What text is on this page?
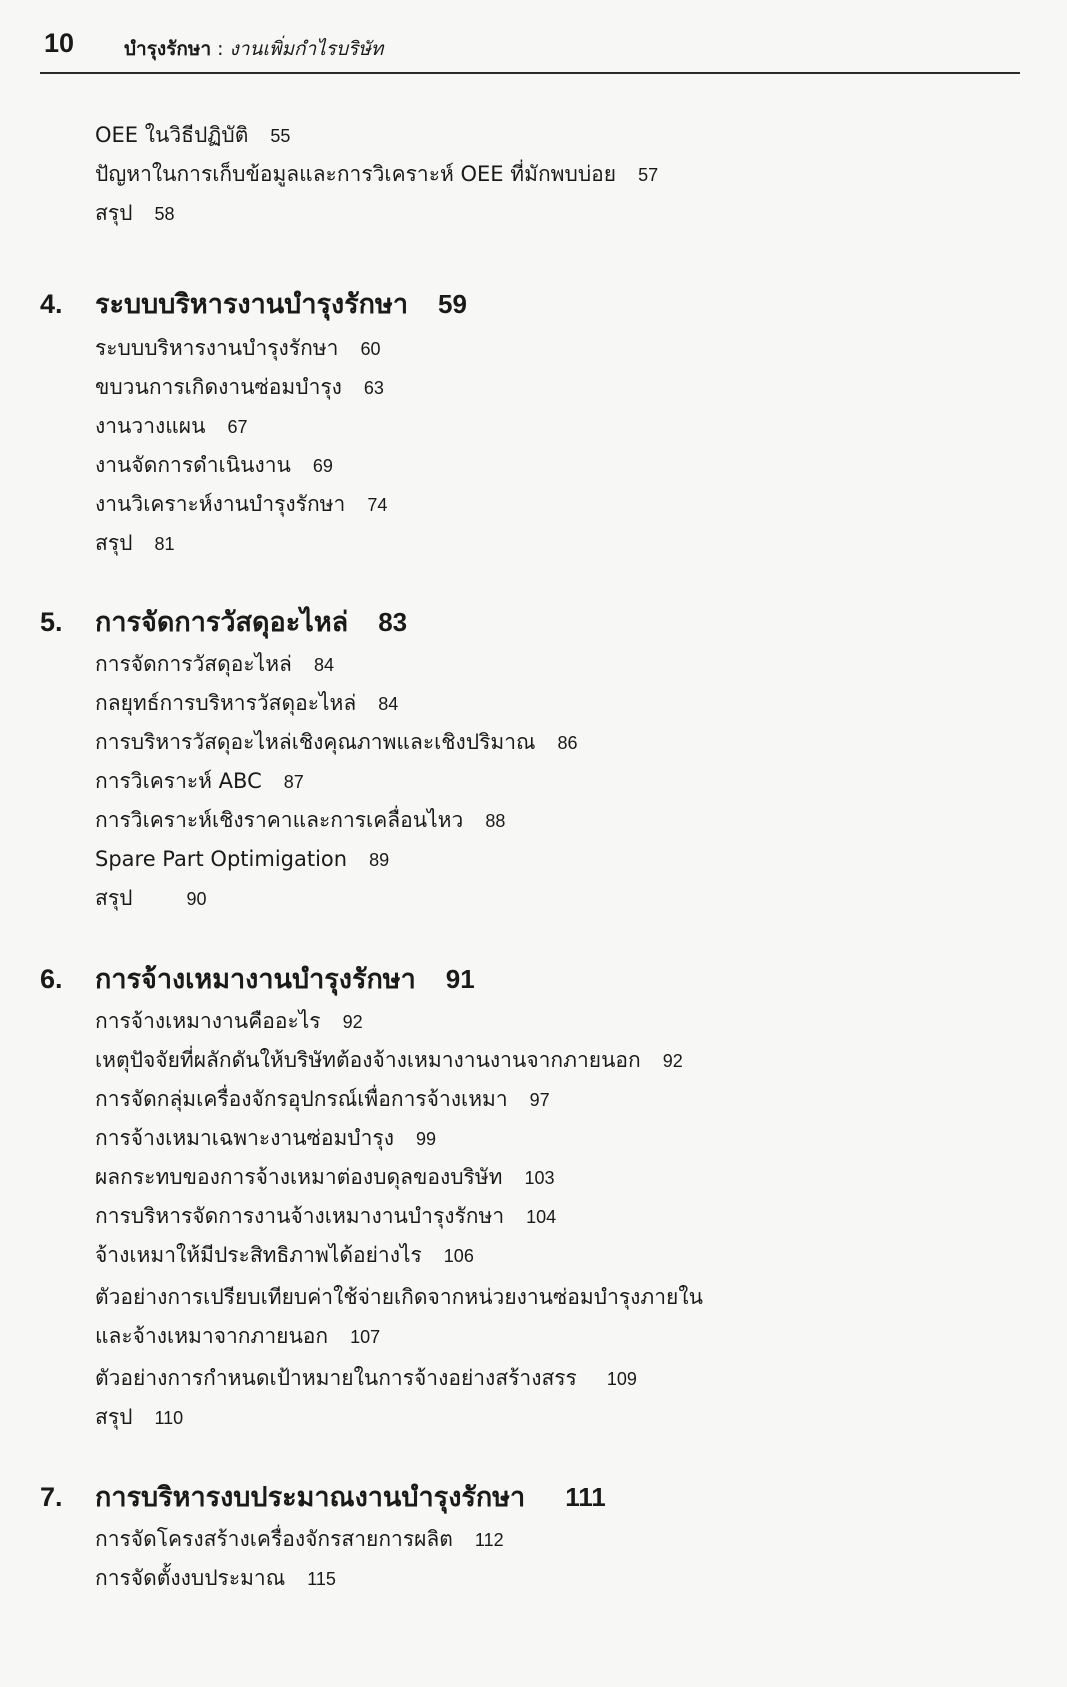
10	บำรุงรักษา : งานเพิ่มกำไรบริษัท
OEE ในวิธีปฏิบัติ 55
ปัญหาในการเก็บข้อมูลและการวิเคราะห์ OEE ที่มักพบบ่อย 57
สรุป 58
4. ระบบบริหารงานบำรุงรักษา 59
ระบบบริหารงานบำรุงรักษา 60
ขบวนการเกิดงานซ่อมบำรุง 63
งานวางแผน 67
งานจัดการดำเนินงาน 69
งานวิเคราะห์งานบำรุงรักษา 74
สรุป 81
5. การจัดการวัสดุอะไหล่ 83
การจัดการวัสดุอะไหล่ 84
กลยุทธ์การบริหารวัสดุอะไหล่ 84
การบริหารวัสดุอะไหล่เชิงคุณภาพและเชิงปริมาณ 86
การวิเคราะห์ ABC 87
การวิเคราะห์เชิงราคาและการเคลื่อนไหว 88
Spare Part Optimigation 89
สรุป	90
6. การจ้างเหมางานบำรุงรักษา 91
การจ้างเหมางานคืออะไร 92
เหตุปัจจัยที่ผลักดันให้บริษัทต้องจ้างเหมางานงานจากภายนอก 92
การจัดกลุ่มเครื่องจักรอุปกรณ์เพื่อการจ้างเหมา 97
การจ้างเหมาเฉพาะงานซ่อมบำรุง 99
ผลกระทบของการจ้างเหมาต่องบดุลของบริษัท 103
การบริหารจัดการงานจ้างเหมางานบำรุงรักษา 104
จ้างเหมาให้มีประสิทธิภาพได้อย่างไร 106
ตัวอย่างการเปรียบเทียบค่าใช้จ่ายเกิดจากหน่วยงานซ่อมบำรุงภายใน
และจ้างเหมาจากภายนอก 107
ตัวอย่างการกำหนดเป้าหมายในการจ้างอย่างสร้างสรร 109
สรุป 110
7. การบริหารงบประมาณงานบำรุงรักษา 111
การจัดโครงสร้างเครื่องจักรสายการผลิต 112
การจัดตั้งงบประมาณ 115
